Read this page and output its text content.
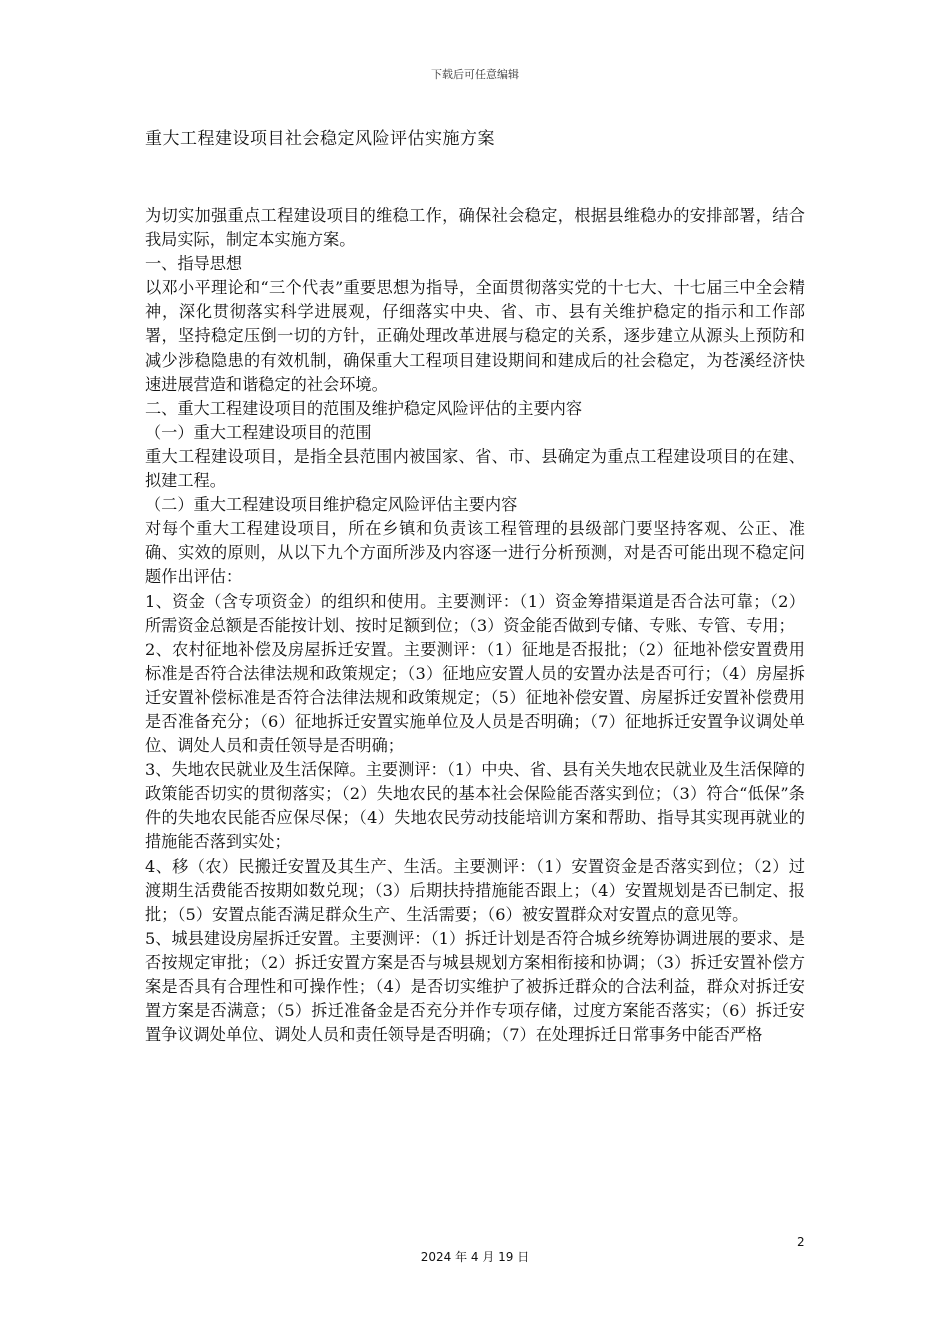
下载后可任意编辑
重大工程建设项目社会稳定风险评估实施方案

为切实加强重点工程建设项目的维稳工作，确保社会稳定，根据县维稳办的安排部署，结合我局实际，制定本实施方案。

一、指导思想

以邓小平理论和“三个代表”重要思想为指导，全面贯彻落实党的十七大、十七届三中全会精神，深化贯彻落实科学进展观，仔细落实中央、省、市、县有关维护稳定的指示和工作部署，坚持稳定压倒一切的方针，正确处理改革进展与稳定的关系，逐步建立从源头上预防和减少涉稳隐患的有效机制，确保重大工程项目建设期间和建成后的社会稳定，为苍溪经济快速进展营造和谐稳定的社会环境。

二、重大工程建设项目的范围及维护稳定风险评估的主要内容

（一）重大工程建设项目的范围

重大工程建设项目，是指全县范围内被国家、省、市、县确定为重点工程建设项目的在建、拟建工程。

（二）重大工程建设项目维护稳定风险评估主要内容

对每个重大工程建设项目，所在乡镇和负责该工程管理的县级部门要坚持客观、公正、准确、实效的原则，从以下九个方面所涉及内容逐一进行分析预测，对是否可能出现不稳定问题作出评估：

1、资金（含专项资金）的组织和使用。主要测评：（1）资金筹措渠道是否合法可靠；（2）所需资金总额是否能按计划、按时足额到位；（3）资金能否做到专储、专账、专管、专用；

2、农村征地补偿及房屋拆迁安置。主要测评：（1）征地是否报批；（2）征地补偿安置费用标准是否符合法律法规和政策规定；（3）征地应安置人员的安置办法是否可行；（4）房屋拆迁安置补偿标准是否符合法律法规和政策规定；（5）征地补偿安置、房屋拆迁安置补偿费用是否准备充分；（6）征地拆迁安置实施单位及人员是否明确；（7）征地拆迁安置争议调处单位、调处人员和责任领导是否明确；

3、失地农民就业及生活保障。主要测评：（1）中央、省、县有关失地农民就业及生活保障的政策能否切实的贯彻落实；（2）失地农民的基本社会保险能否落实到位；（3）符合“低保”条件的失地农民能否应保尽保；（4）失地农民劳动技能培训方案和帮助、指导其实现再就业的措施能否落到实处；

4、移（农）民搬迁安置及其生产、生活。主要测评：（1）安置资金是否落实到位；（2）过渡期生活费能否按期如数兑现；（3）后期扶持措施能否跟上；（4）安置规划是否已制定、报批；（5）安置点能否满足群众生产、生活需要；（6）被安置群众对安置点的意见等。

5、城县建设房屋拆迁安置。主要测评：（1）拆迁计划是否符合城乡统筹协调进展的要求、是否按规定审批；（2）拆迁安置方案是否与城县规划方案相衔接和协调；（3）拆迁安置补偿方案是否具有合理性和可操作性；（4）是否切实维护了被拆迁群众的合法利益，群众对拆迁安置方案是否满意；（5）拆迁准备金是否充分并作专项存储，过度方案能否落实；（6）拆迁安置争议调处单位、调处人员和责任领导是否明确；（7）在处理拆迁日常事务中能否严格

2
2024 年 4 月 19 日
